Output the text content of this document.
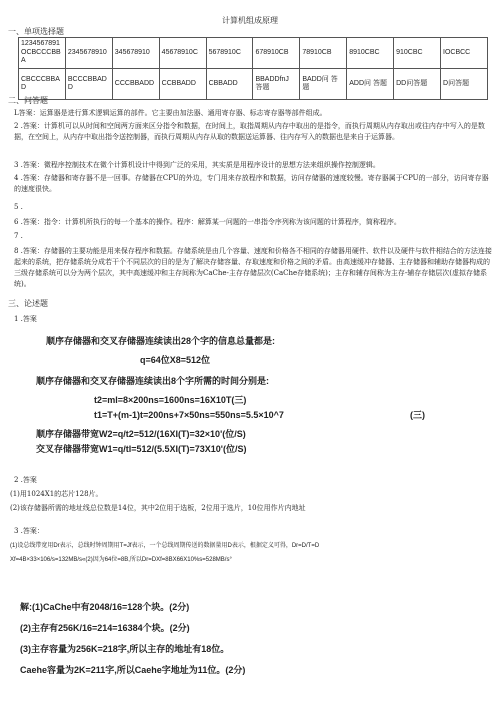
计算机组成原理
一、单项选择题
1234567891 OCBCCCBBA	2345678910	345678910	45678910C	5678910C	678910CB	78910CB	8910CBC	910CBC	IOCBCC
CBCCCBBAD	BCCCBBADD	CCCBBADD	CCBBADD	CBBADD	BBADDfnJ 答题	BADD问 答题	ADD问 答题	DD问答题	D问答题
二、问答题
L答案：运算器是进行算术逻辑运算的部件。它主要由加法器、通用寄存器、标志寄存器等部件组成。
2 .答案：计算机可以从时间和空间两方面来区分指令和数据，在时间上，取指周期从内存中取出的是指令，而执行周期从内存取出或往内存中写入的是数据，在空间上，从内存中取出指令送控制器，而执行周期从内存从取的数据送运算器、往内存写入的数据也是来自于运算器。
3 .答案：微程序控制技术在微个计算机设计中得到广泛的采用，其实质是用程序设计的思想方法来组织操作控制逻辑。
4 .答案：存储器和寄存器不是一回事。存储器在CPU的外边，专门用来存放程序和数据，访问存储器的速度较慢。寄存器属于CPU的一部分，访问寄存器的速度很快。
5 .
6 .答案：指令：计算机所执行的每一个基本的操作。程序：解算某一问题的一串指令序列称为该问题的计算程序，简称程序。
7 .
8 .答案：存储器的主要功能是用来保存程序和数据。存储系统是由几个容量、速度和价格各不相同的存储器用硬件、软件以及硬件与软件相结合的方法连接起来的系统，把存储系统分成若干个不同层次的目的是为了解决存储容量、存取速度和价格之间的矛盾。由高速缓冲存储器、主存储器和辅助存储器构成的三级存储系统可以分为两个层次，其中高速缓冲和主存间称为CaChe-主存存储层次(CaChe存储系统)；主存和辅存间称为主存-辅存存储层次(虚拟存储系统)。
三、论述题
1 .答案
顺序存储器和交叉存储器连续读出28个字的信息总量都是:
q=64位X8=512位
顺序存储器和交叉存储器连续读出8个字所需的时间分别是:
t2=ml=8×200ns=1600ns=16X10T(三)
t1=T+(m-1)t=200ns+7×50ns=550ns=5.5×10^7	(三)
顺序存储器带宽W2=q/t2=512/(16XI(T)=32×10'(位/S)
交叉存储器带宽W1=q/tl=512/(5.5XI(T)=73X10'(位/S)
2 .答案
(1)用1024X1的芯片128片。
(2)该存储器所需的地址线总位数是14位，其中2位用于选板，2位用于选片，10位用作片内地址
3 .答案：
(1)设总线带宽用Dr表示，总线时钟周期用T=Jf表示，一个总线周期传送的数据量用D表示，根据定义可得，Dr=D/T=D
Xf=4B×33×106/s=132MB/s«(2)因为64位=8B,所以Dr=DXf=8BX66X10%s=528MB/s°
解:(1)CaChe中有2048/16=128个块。(2分)
(2)主存有256K/16=214=16384个块。(2分)
(3)主存容量为256K=218字,所以主存的地址有18位。
Caehe容量为2K=211字,所以Caehe字地址为11位。(2分)
